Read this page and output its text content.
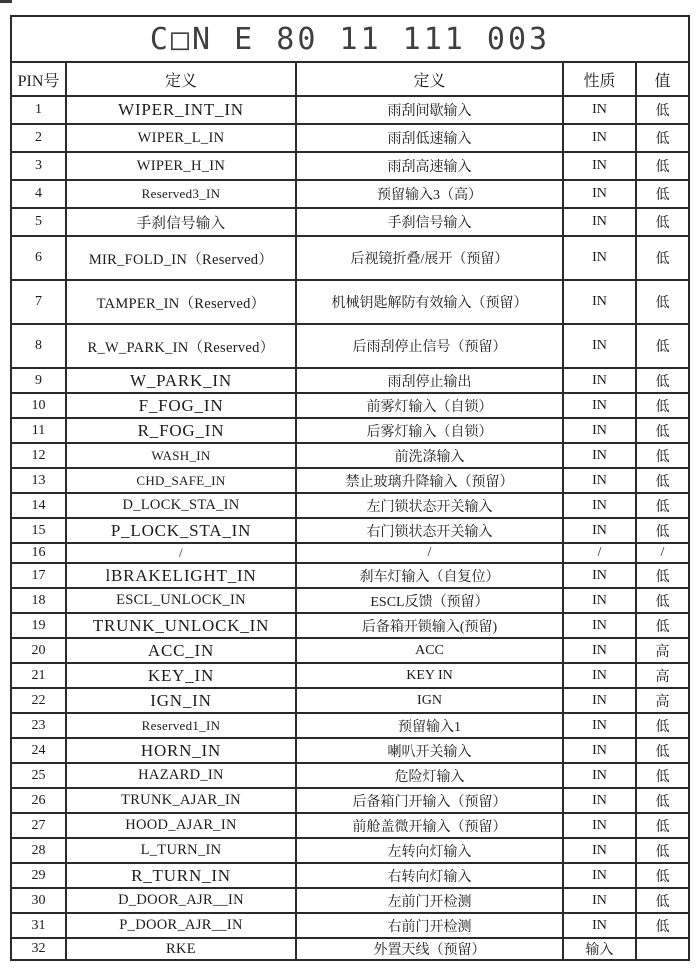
C□N E 80 11 111 003				
PIN号	定义	定义	性质	值
1	WIPER_INT_IN	雨刮间歇输入	IN	低
2	WIPER_L_IN	雨刮低速输入	IN	低
3	WIPER_H_IN	雨刮高速输入	IN	低
4	Reserved3_IN	预留输入3（高）	IN	低
5	手刹信号输入	手刹信号输入	IN	低
6	MIR_FOLD_IN（Reserved）	后视镜折叠/展开（预留）	IN	低
7	TAMPER_IN（Reserved）	机械钥匙解防有效输入（预留）	IN	低
8	R_W_PARK_IN（Reserved）	后雨刮停止信号（预留）	IN	低
9	W_PARK_IN	雨刮停止输出	IN	低
10	F_FOG_IN	前雾灯输入（自锁）	IN	低
11	R_FOG_IN	后雾灯输入（自锁）	IN	低
12	WASH_IN	前洗涤输入	IN	低
13	CHD_SAFE_IN	禁止玻璃升降输入（预留）	IN	低
14	D_LOCK_STA_IN	左门锁状态开关输入	IN	低
15	P_LOCK_STA_IN	右门锁状态开关输入	IN	低
16	/	/	/	/
17	lBRAKELIGHT_IN	刹车灯输入（自复位）	IN	低
18	ESCL_UNLOCK_IN	ESCL反馈（预留）	IN	低
19	TRUNK_UNLOCK_IN	后备箱开锁输入(预留)	IN	低
20	ACC_IN	ACC	IN	高
21	KEY_IN	KEY IN	IN	高
22	IGN_IN	IGN	IN	高
23	Reserved1_IN	预留输入1	IN	低
24	HORN_IN	喇叭开关输入	IN	低
25	HAZARD_IN	危险灯输入	IN	低
26	TRUNK_AJAR_IN	后备箱门开输入（预留）	IN	低
27	HOOD_AJAR_IN	前舱盖微开输入（预留）	IN	低
28	L_TURN_IN	左转向灯输入	IN	低
29	R_TURN_IN	右转向灯输入	IN	低
30	D_DOOR_AJR__IN	左前门开检测	IN	低
31	P_DOOR_AJR__IN	右前门开检测	IN	低
32	RKE	外置天线（预留）	输入	
